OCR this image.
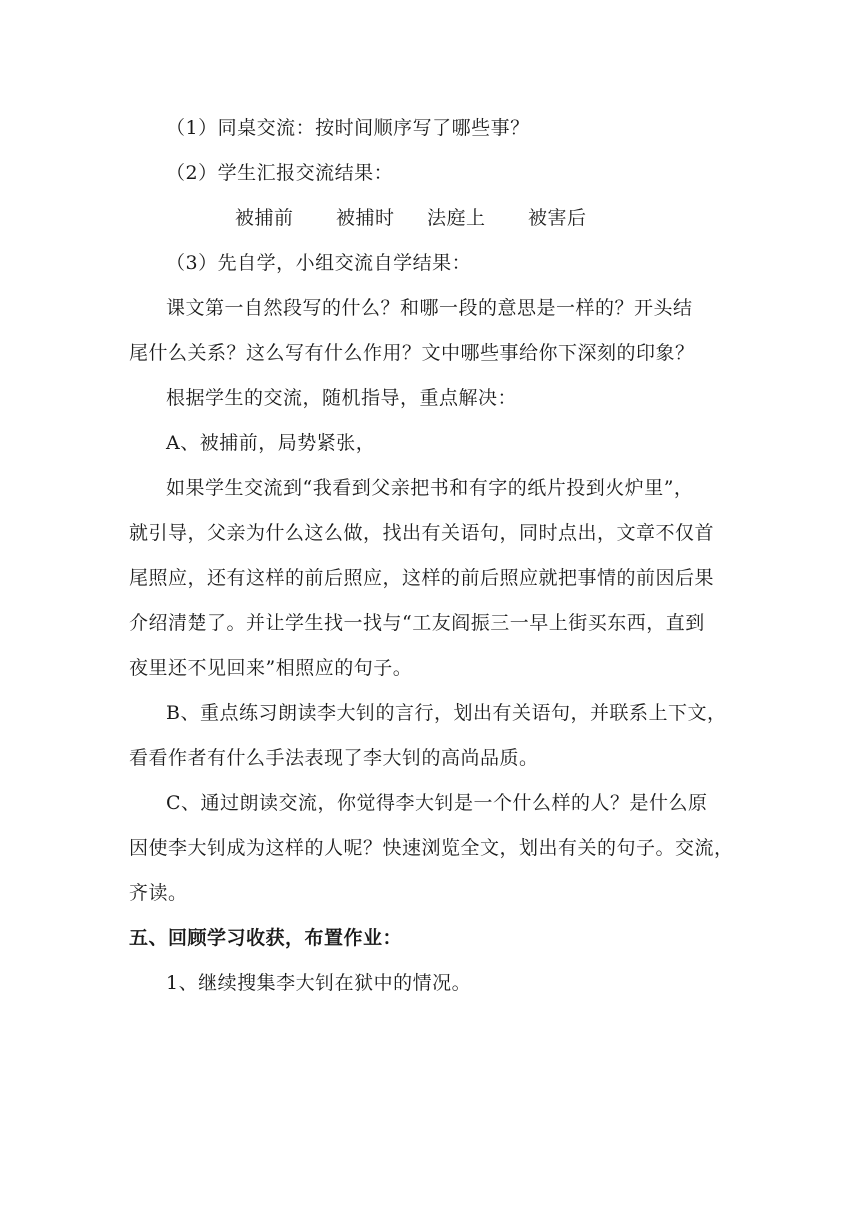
（1）同桌交流：按时间顺序写了哪些事？
（2）学生汇报交流结果：
被捕前 被捕时 法庭上 被害后
（3）先自学，小组交流自学结果：
课文第一自然段写的什么？和哪一段的意思是一样的？开头结
尾什么关系？这么写有什么作用？文中哪些事给你下深刻的印象？
根据学生的交流，随机指导，重点解决：
A、被捕前，局势紧张，
如果学生交流到“我看到父亲把书和有字的纸片投到火炉里”，
就引导，父亲为什么这么做，找出有关语句，同时点出，文章不仅首
尾照应，还有这样的前后照应，这样的前后照应就把事情的前因后果
介绍清楚了。并让学生找一找与“工友阎振三一早上街买东西，直到
夜里还不见回来”相照应的句子。
B、重点练习朗读李大钊的言行，划出有关语句，并联系上下文，
看看作者有什么手法表现了李大钊的高尚品质。
C、通过朗读交流，你觉得李大钊是一个什么样的人？是什么原
因使李大钊成为这样的人呢？快速浏览全文，划出有关的句子。交流，
齐读。
五、回顾学习收获，布置作业：
1、继续搜集李大钊在狱中的情况。
